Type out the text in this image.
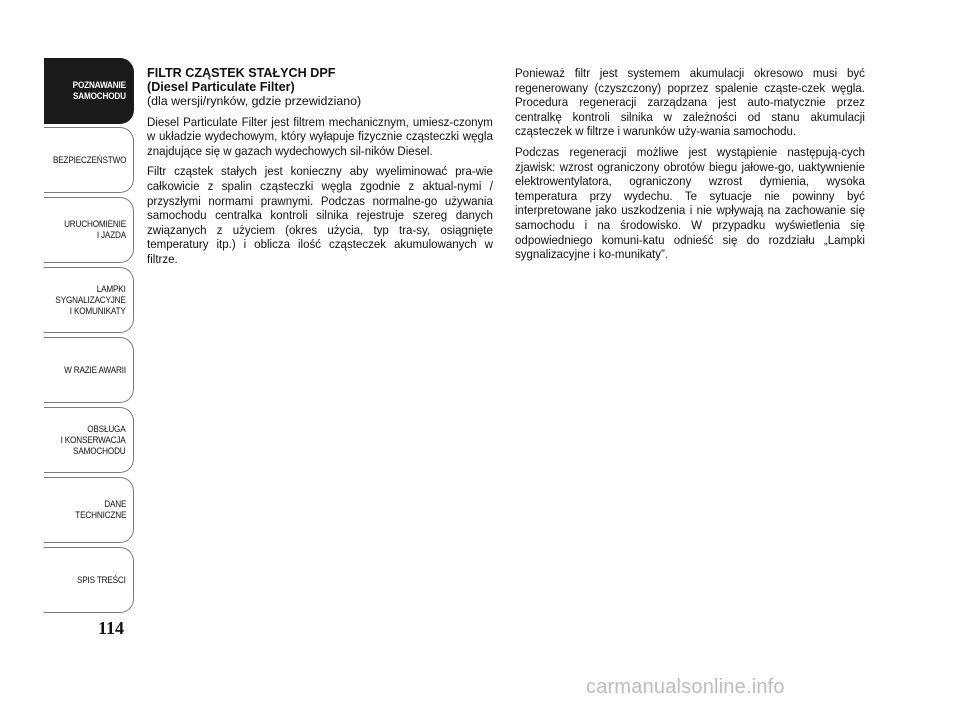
POZNAWANIE
SAMOCHODU
BEZPIECZEŃSTWO
URUCHOMIENIE
I JAZDA
LAMPKI
SYGNALIZACYJNE
I KOMUNIKATY
W RAZIE AWARII
OBSŁUGA
I KONSERWACJA
SAMOCHODU
DANE
TECHNICZNE
SPIS TREŚCI
114
FILTR CZĄSTEK STAŁYCH DPF
(Diesel Particulate Filter)
(dla wersji/rynków, gdzie przewidziano)

Diesel Particulate Filter jest filtrem mechanicznym, umiesz-czonym w układzie wydechowym, który wyłapuje fizycznie cząsteczki węgla znajdujące się w gazach wydechowych sil-ników Diesel.

Filtr cząstek stałych jest konieczny aby wyeliminować pra-wie całkowicie z spalin cząsteczki węgla zgodnie z aktual-nymi / przyszłymi normami prawnymi. Podczas normalne-go używania samochodu centralka kontroli silnika rejestruje szereg danych związanych z użyciem (okres użycia, typ tra-sy, osiągnięte temperatury itp.) i oblicza ilość cząsteczek akumulowanych w filtrze.

Ponieważ filtr jest systemem akumulacji okresowo musi być regenerowany (czyszczony) poprzez spalenie cząste-czek węgla. Procedura regeneracji zarządzana jest auto-matycznie przez centralkę kontroli silnika w zależności od stanu akumulacji cząsteczek w filtrze i warunków uży-wania samochodu.

Podczas regeneracji możliwe jest wystąpienie następują-cych zjawisk: wzrost ograniczony obrotów biegu jałowe-go, uaktywnienie elektrowentylatora, ograniczony wzrost dymienia, wysoka temperatura przy wydechu. Te sytuacje nie powinny być interpretowane jako uszkodzenia i nie wpływają na zachowanie się samochodu i na środowisko. W przypadku wyświetlenia się odpowiedniego komuni-katu odnieść się do rozdziału „Lampki sygnalizacyjne i ko-munikaty”.

carmanualsonline.info
